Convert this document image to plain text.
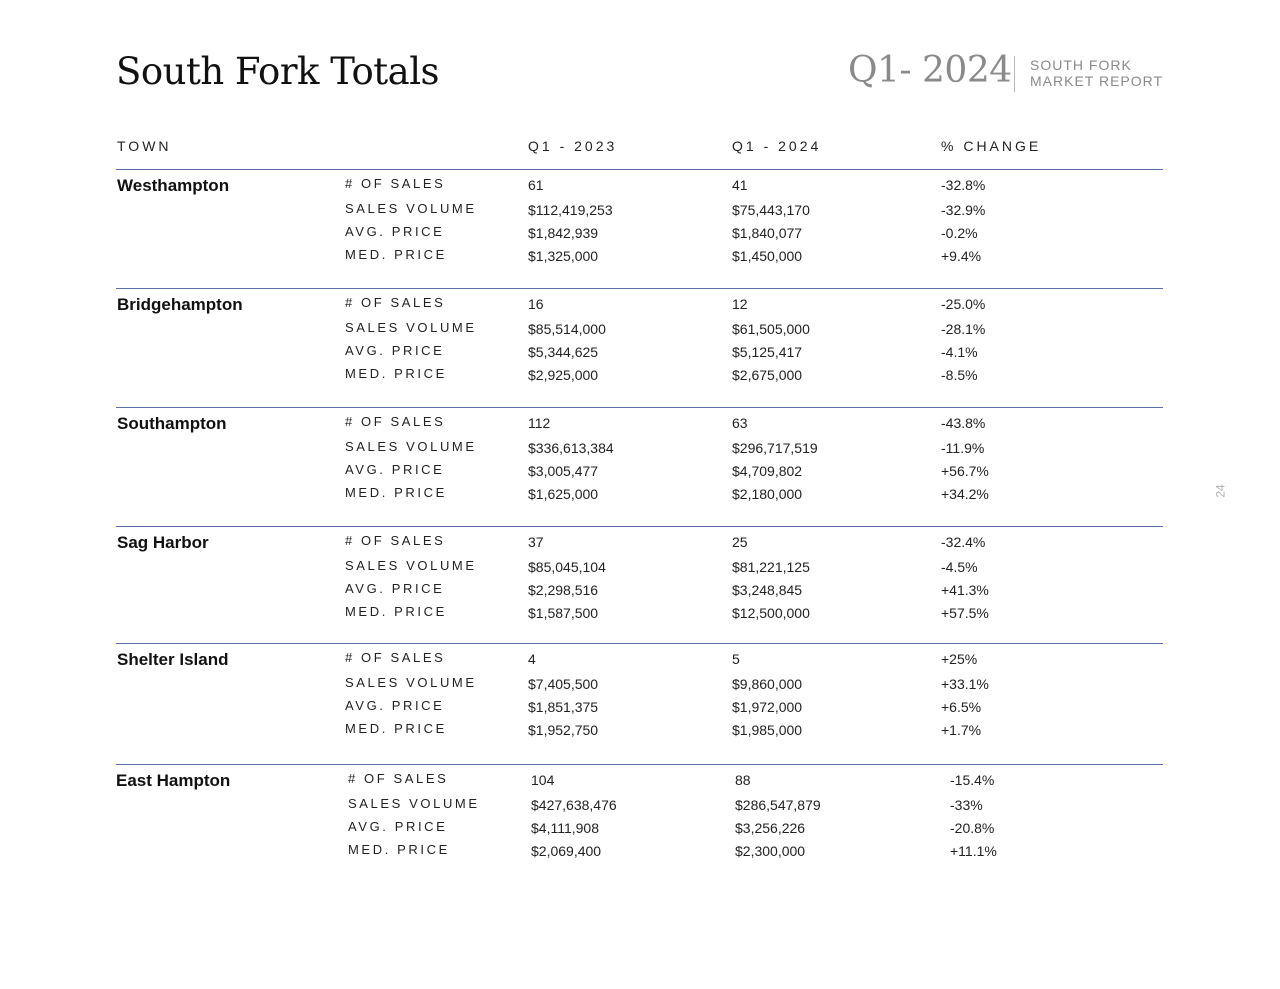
South Fork Totals	Q1- 2024 SOUTH FORK
MARKET REPORT
TOWN	Q1 - 2023	Q1 - 2024	% CHANGE
Westhampton	# OF SALES	61	41	-32.8%
SALES VOLUME	$112,419,253	$75,443,170	-32.9%
AVG. PRICE	$1,842,939	$1,840,077	-0.2%
MED. PRICE	$1,325,000	$1,450,000	+9.4%
Bridgehampton	# OF SALES	16	12	-25.0%
SALES VOLUME	$85,514,000	$61,505,000	-28.1%
AVG. PRICE	$5,344,625	$5,125,417	-4.1%
MED. PRICE	$2,925,000	$2,675,000	-8.5%
Southampton	# OF SALES	112	63	-43.8%
SALES VOLUME	$336,613,384	$296,717,519	-11.9%
AVG. PRICE	$3,005,477	$4,709,802	+56.7%
MED. PRICE	$1,625,000	$2,180,000	+34.2%
Sag Harbor	# OF SALES	37	25	-32.4%
SALES VOLUME	$85,045,104	$81,221,125	-4.5%
AVG. PRICE	$2,298,516	$3,248,845	+41.3%
MED. PRICE	$1,587,500	$12,500,000	+57.5%
Shelter Island	# OF SALES	4	5	+25%
SALES VOLUME	$7,405,500	$9,860,000	+33.1%
AVG. PRICE	$1,851,375	$1,972,000	+6.5%
MED. PRICE	$1,952,750	$1,985,000	+1.7%
East Hampton	# OF SALES	104	88	-15.4%
SALES VOLUME	$427,638,476	$286,547,879	-33%
AVG. PRICE	$4,111,908	$3,256,226	-20.8%
MED. PRICE	$2,069,400	$2,300,000	+11.1%
24
